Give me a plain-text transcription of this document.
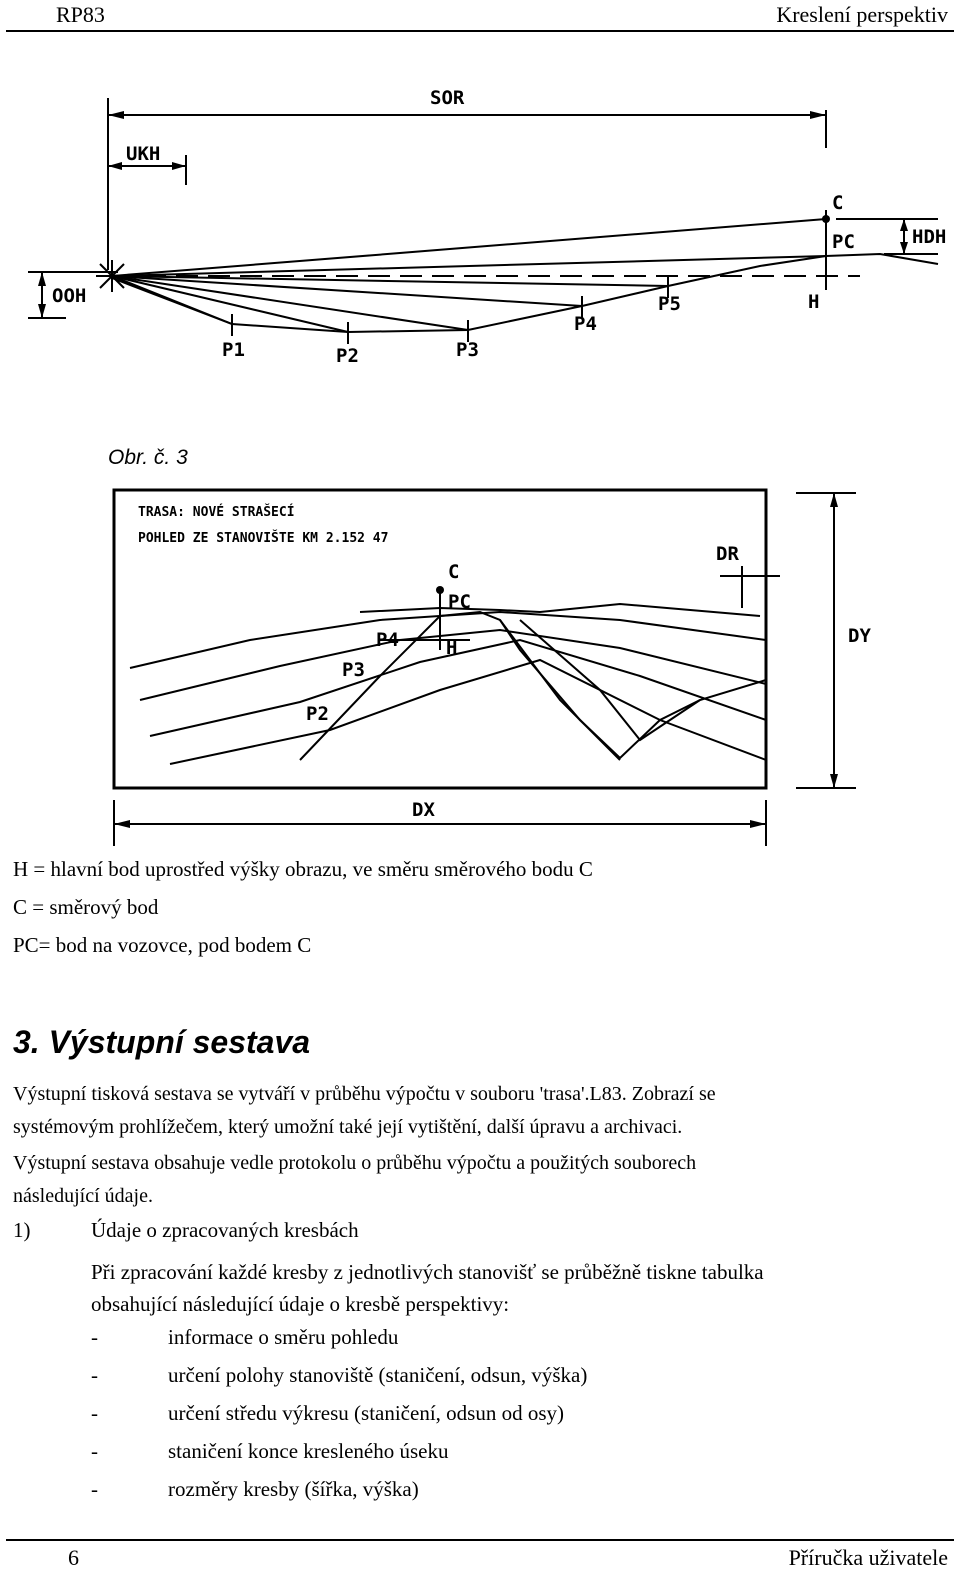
RP83	Kreslení perspektiv
SOR
UKH
OOH
HDH
C
PC
H
P1	P2	P3
P4
P5
Obr. č. 3
TRASA: NOVÉ STRAŠECÍ
POHLED ZE STANOVIŠTE KM 2.152 47
C
PC
H
P4
P3
P2
DR
DY
DX
H = hlavní bod uprostřed výšky obrazu, ve směru směrového bodu C
C = směrový bod
PC= bod na vozovce, pod bodem C
3. Výstupní sestava
Výstupní tisková sestava se vytváří v průběhu výpočtu v souboru 'trasa'.L83. Zobrazí se
systémovým prohlížečem, který umožní také její vytištění, další úpravu a archivaci.
Výstupní sestava obsahuje vedle protokolu o průběhu výpočtu a použitých souborech
následující údaje.
1)	Údaje o zpracovaných kresbách
Při zpracování každé kresby z jednotlivých stanovišť se průběžně tiskne tabulka
obsahující následující údaje o kresbě perspektivy:
-	informace o směru pohledu
-	určení polohy stanoviště (staničení, odsun, výška)
-	určení středu výkresu (staničení, odsun od osy)
-	staničení konce kresleného úseku
-	rozměry kresby (šířka, výška)
6	Příručka uživatele
